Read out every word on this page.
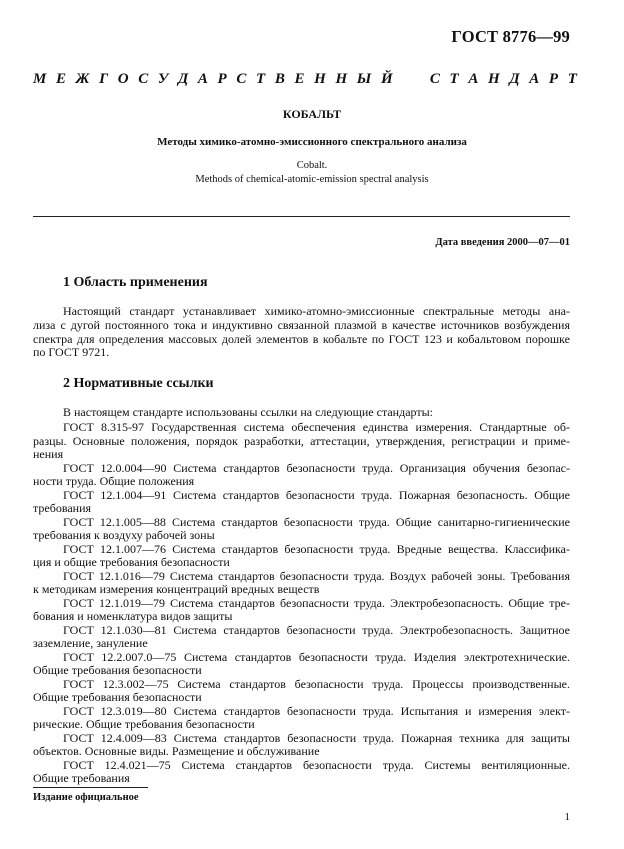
ГОСТ 8776—99
М Е Ж Г О С У Д А Р С Т В Е Н Н Ы Й С Т А Н Д А Р Т
КОБАЛЬТ
Методы химико-атомно-эмиссионного спектрального анализа
Cobalt.
Methods of chemical-atomic-emission spectral analysis
Дата введения 2000—07—01
1 Область применения
Настоящий стандарт устанавливает химико-атомно-эмиссионные спектральные методы ана-
лиза с дугой постоянного тока и индуктивно связанной плазмой в качестве источников возбуждения
спектра для определения массовых долей элементов в кобальте по ГОСТ 123 и кобальтовом порошке
по ГОСТ 9721.
2 Нормативные ссылки
В настоящем стандарте использованы ссылки на следующие стандарты:
ГОСТ 8.315-97 Государственная система обеспечения единства измерения. Стандартные об-
разцы. Основные положения, порядок разработки, аттестации, утверждения, регистрации и приме-
нения
ГОСТ 12.0.004—90 Система стандартов безопасности труда. Организация обучения безопас-
ности труда. Общие положения
ГОСТ 12.1.004—91 Система стандартов безопасности труда. Пожарная безопасность. Общие
требования
ГОСТ 12.1.005—88 Система стандартов безопасности труда. Общие санитарно-гигиенические
требования к воздуху рабочей зоны
ГОСТ 12.1.007—76 Система стандартов безопасности труда. Вредные вещества. Классифика-
ция и общие требования безопасности
ГОСТ 12.1.016—79 Система стандартов безопасности труда. Воздух рабочей зоны. Требования
к методикам измерения концентраций вредных веществ
ГОСТ 12.1.019—79 Система стандартов безопасности труда. Электробезопасность. Общие тре-
бования и номенклатура видов защиты
ГОСТ 12.1.030—81 Система стандартов безопасности труда. Электробезопасность. Защитное
заземление, зануление
ГОСТ 12.2.007.0—75 Система стандартов безопасности труда. Изделия электротехнические.
Общие требования безопасности
ГОСТ 12.3.002—75 Система стандартов безопасности труда. Процессы производственные.
Общие требования безопасности
ГОСТ 12.3.019—80 Система стандартов безопасности труда. Испытания и измерения элект-
рические. Общие требования безопасности
ГОСТ 12.4.009—83 Система стандартов безопасности труда. Пожарная техника для защиты
объектов. Основные виды. Размещение и обслуживание
ГОСТ 12.4.021—75 Система стандартов безопасности труда. Системы вентиляционные.
Общие требования
Издание официальное
1
